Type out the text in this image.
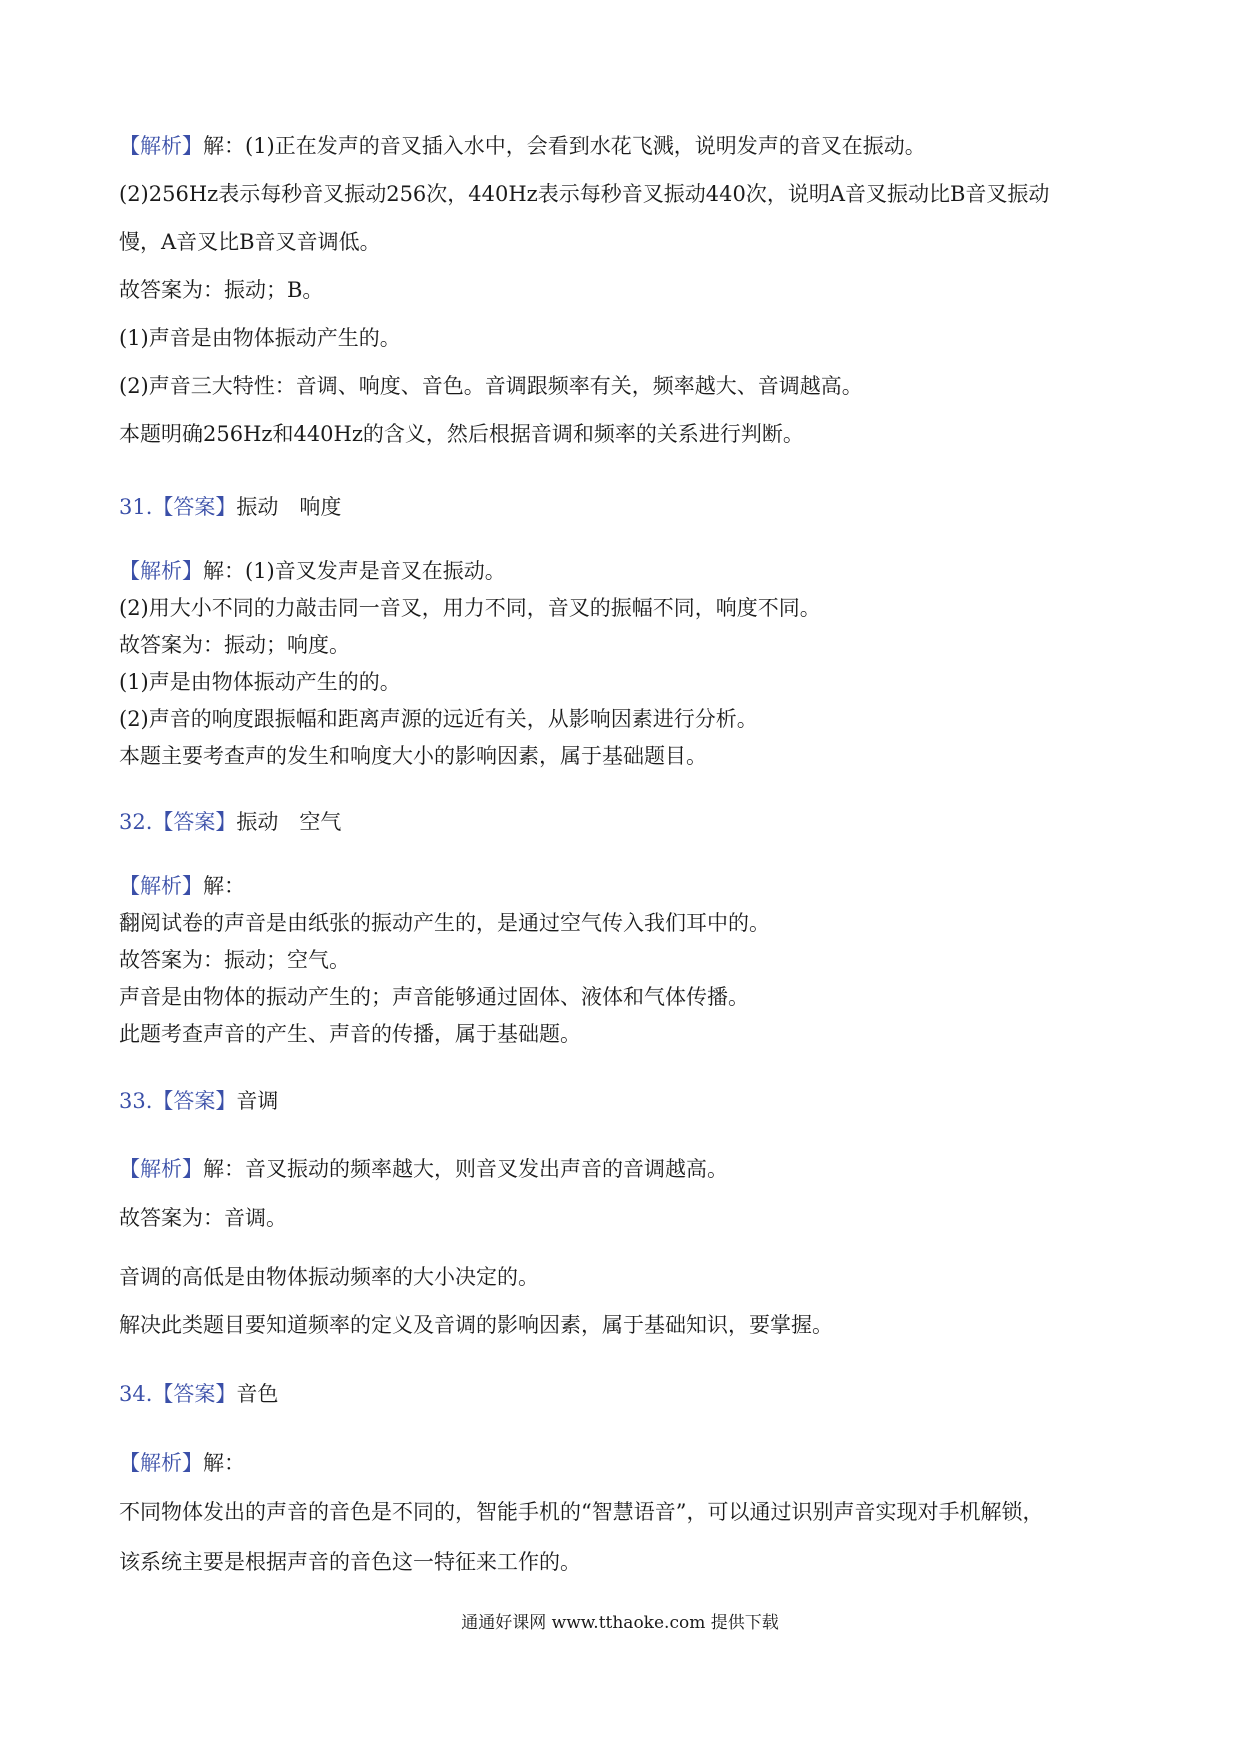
【解析】解：(1)正在发声的音叉插入水中，会看到水花飞溅，说明发声的音叉在振动。

(2)256Hz表示每秒音叉振动256次，440Hz表示每秒音叉振动440次，说明A音叉振动比B音叉振动

慢，A音叉比B音叉音调低。

故答案为：振动；B。

(1)声音是由物体振动产生的。

(2)声音三大特性：音调、响度、音色。音调跟频率有关，频率越大、音调越高。

本题明确256Hz和440Hz的含义，然后根据音调和频率的关系进行判断。

31.【答案】振动　响度

【解析】解：(1)音叉发声是音叉在振动。

(2)用大小不同的力敲击同一音叉，用力不同，音叉的振幅不同，响度不同。

故答案为：振动；响度。

(1)声是由物体振动产生的的。

(2)声音的响度跟振幅和距离声源的远近有关，从影响因素进行分析。

本题主要考查声的发生和响度大小的影响因素，属于基础题目。

32.【答案】振动　空气

【解析】解：

翻阅试卷的声音是由纸张的振动产生的，是通过空气传入我们耳中的。

故答案为：振动；空气。

声音是由物体的振动产生的；声音能够通过固体、液体和气体传播。

此题考查声音的产生、声音的传播，属于基础题。

33.【答案】音调

【解析】解：音叉振动的频率越大，则音叉发出声音的音调越高。

故答案为：音调。

音调的高低是由物体振动频率的大小决定的。

解决此类题目要知道频率的定义及音调的影响因素，属于基础知识，要掌握。

34.【答案】音色

【解析】解：

不同物体发出的声音的音色是不同的，智能手机的“智慧语音”，可以通过识别声音实现对手机解锁，

该系统主要是根据声音的音色这一特征来工作的。

通通好课网 www.tthaoke.com 提供下载
